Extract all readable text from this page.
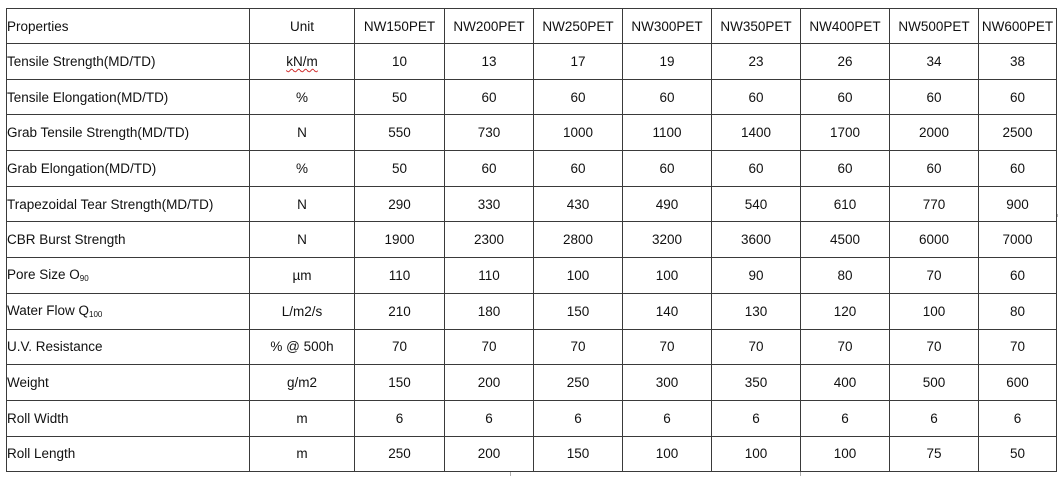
Properties	Unit	NW150PET	NW200PET	NW250PET	NW300PET	NW350PET	NW400PET	NW500PET	NW600PET
Tensile Strength(MD/TD)	kN/m	10	13	17	19	23	26	34	38
Tensile Elongation(MD/TD)	%	50	60	60	60	60	60	60	60
Grab Tensile Strength(MD/TD)	N	550	730	1000	1100	1400	1700	2000	2500
Grab Elongation(MD/TD)	%	50	60	60	60	60	60	60	60
Trapezoidal Tear Strength(MD/TD)	N	290	330	430	490	540	610	770	900
CBR Burst Strength	N	1900	2300	2800	3200	3600	4500	6000	7000
Pore Size $O_{90}$	µm	110	110	100	100	90	80	70	60
Water Flow $Q_{100}$	L/m2/s	210	180	150	140	130	120	100	80
U.V. Resistance	% @ 500h	70	70	70	70	70	70	70	70
Weight	g/m2	150	200	250	300	350	400	500	600
Roll Width	m	6	6	6	6	6	6	6	6
Roll Length	m	250	200	150	100	100	100	75	50
